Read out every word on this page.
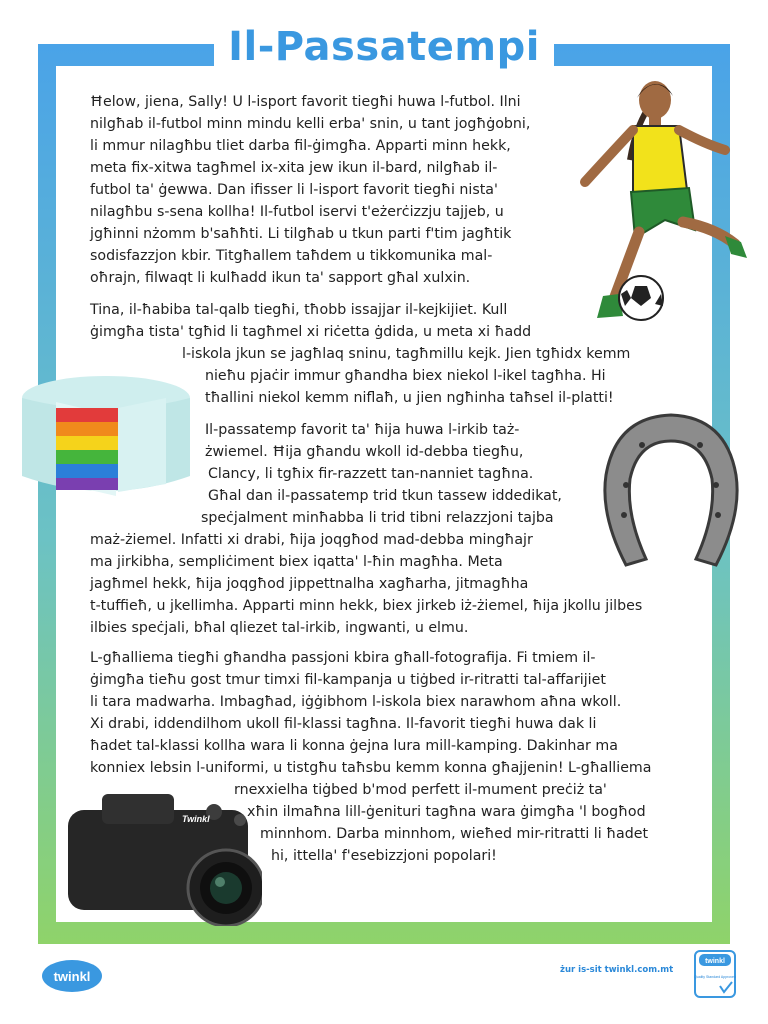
Il-Passatempi
Ħelow, jiena, Sally! U l-isport favorit tiegħi huwa l-futbol. Ilni
nilgħab il-futbol minn mindu kelli erba' snin, u tant jogħġobni,
li mmur nilagħbu tliet darba fil-ġimgħa. Apparti minn hekk,
meta fix-xitwa tagħmel ix-xita jew ikun il-bard, nilgħab il-
futbol ta' ġewwa. Dan ifisser li l-isport favorit tiegħi nista'
nilagħbu s-sena kollha! Il-futbol iservi t'eżerċizzju tajjeb, u
jgħinni nżomm b'saħħti. Li tilgħab u tkun parti f'tim jagħtik
sodisfazzjon kbir. Titgħallem taħdem u tikkomunika mal-
oħrajn, filwaqt li kulħadd ikun ta' sapport għal xulxin.
Tina, il-ħabiba tal-qalb tiegħi, tħobb issajjar il-kejkijiet. Kull
ġimgħa tista' tgħid li tagħmel xi riċetta ġdida, u meta xi ħadd
l-iskola jkun se jagħlaq sninu, tagħmillu kejk. Jien tgħidx kemm
nieħu pjaċir immur għandha biex niekol l-ikel tagħha. Hi
tħallini niekol kemm niflaħ, u jien ngħinha taħsel il-platti!
Il-passatemp favorit ta' ħija huwa l-irkib taż-
żwiemel. Ħija għandu wkoll id-debba tiegħu,
Clancy, li tgħix fir-razzett tan-nanniet tagħna.
Għal dan il-passatemp trid tkun tassew iddedikat,
speċjalment minħabba li trid tibni relazzjoni tajba
maż-żiemel. Infatti xi drabi, ħija joqgħod mad-debba mingħajr
ma jirkibha, sempliċiment biex iqatta' l-ħin magħha. Meta
jagħmel hekk, ħija joqgħod jippettnalha xagħarha, jitmagħha
t-tuffieħ, u jkellimha. Apparti minn hekk, biex jirkeb iż-żiemel, ħija jkollu jilbes
ilbies speċjali, bħal qliezet tal-irkib, ingwanti, u elmu.
L-għalliema tiegħi għandha passjoni kbira għall-fotografija. Fi tmiem il-
ġimgħa tieħu gost tmur timxi fil-kampanja u tiġbed ir-ritratti tal-affarijiet
li tara madwarha. Imbagħad, iġġibhom l-iskola biex narawhom aħna wkoll.
Xi drabi, iddendilhom ukoll fil-klassi tagħna. Il-favorit tiegħi huwa dak li
ħadet tal-klassi kollha wara li konna ġejna lura mill-kamping. Dakinhar ma
konniex lebsin l-uniformi, u tistgħu taħsbu kemm konna għajjenin! L-għalliema
rnexxielha tiġbed b'mod perfett il-mument preċiż ta'
xħin ilmaħna lill-ġenituri tagħna wara ġimgħa 'l bogħod
minnhom. Darba minnhom, wieħed mir-ritratti li ħadet
hi, ittella' f'esebizzjoni popolari!
Twinkl
twinkl	żur is-sit twinkl.com.mt
twinkl
Quality Standard Approved
